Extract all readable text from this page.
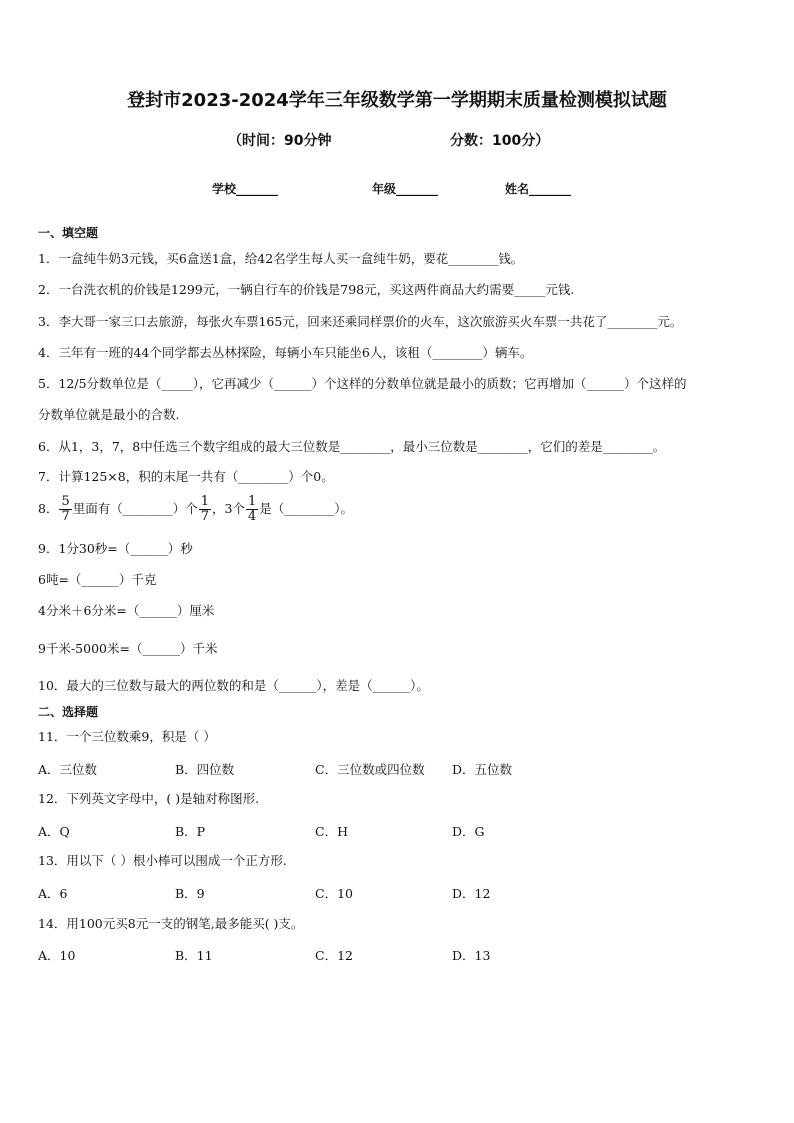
登封市2023-2024学年三年级数学第一学期期末质量检测模拟试题
（时间：90分钟	分数：100分）
学校_______	年级_______	姓名_______
一、填空题
1．一盒纯牛奶3元钱，买6盒送1盒，给42名学生每人买一盒纯牛奶，要花________钱。
2．一台洗衣机的价钱是1299元，一辆自行车的价钱是798元，买这两件商品大约需要_____元钱.
3．李大哥一家三口去旅游，每张火车票165元，回来还乘同样票价的火车，这次旅游买火车票一共花了________元。
4．三年有一班的44个同学都去丛林探险，每辆小车只能坐6人，该租（________）辆车。
5．12/5分数单位是（_____），它再减少（______）个这样的分数单位就是最小的质数；它再增加（______）个这样的
分数单位就是最小的合数.
6．从1，3，7，8中任选三个数字组成的最大三位数是________，最小三位数是________，它们的差是________。
7．计算125×8，积的末尾一共有（________）个0。
8． $\frac{5}{7}$ 里面有（________）个 $\frac{1}{7}$ ，3个 $\frac{1}{4}$ 是（________）。
9．1分30秒=（______）秒
6吨=（______）千克
4分米＋6分米=（______）厘米
9千米-5000米=（______）千米
10．最大的三位数与最大的两位数的和是（______），差是（______）。
二、选择题
11．一个三位数乘9，积是（ ）
A．三位数	B．四位数	C．三位数或四位数 D．五位数
12．下列英文字母中，( )是轴对称图形.
A．Q	B．P	C．H	D．G
13．用以下（ ）根小棒可以围成一个正方形.
A．6	B．9	C．10	D．12
14．用100元买8元一支的钢笔,最多能买( )支。
A．10	B．11	C．12	D．13
